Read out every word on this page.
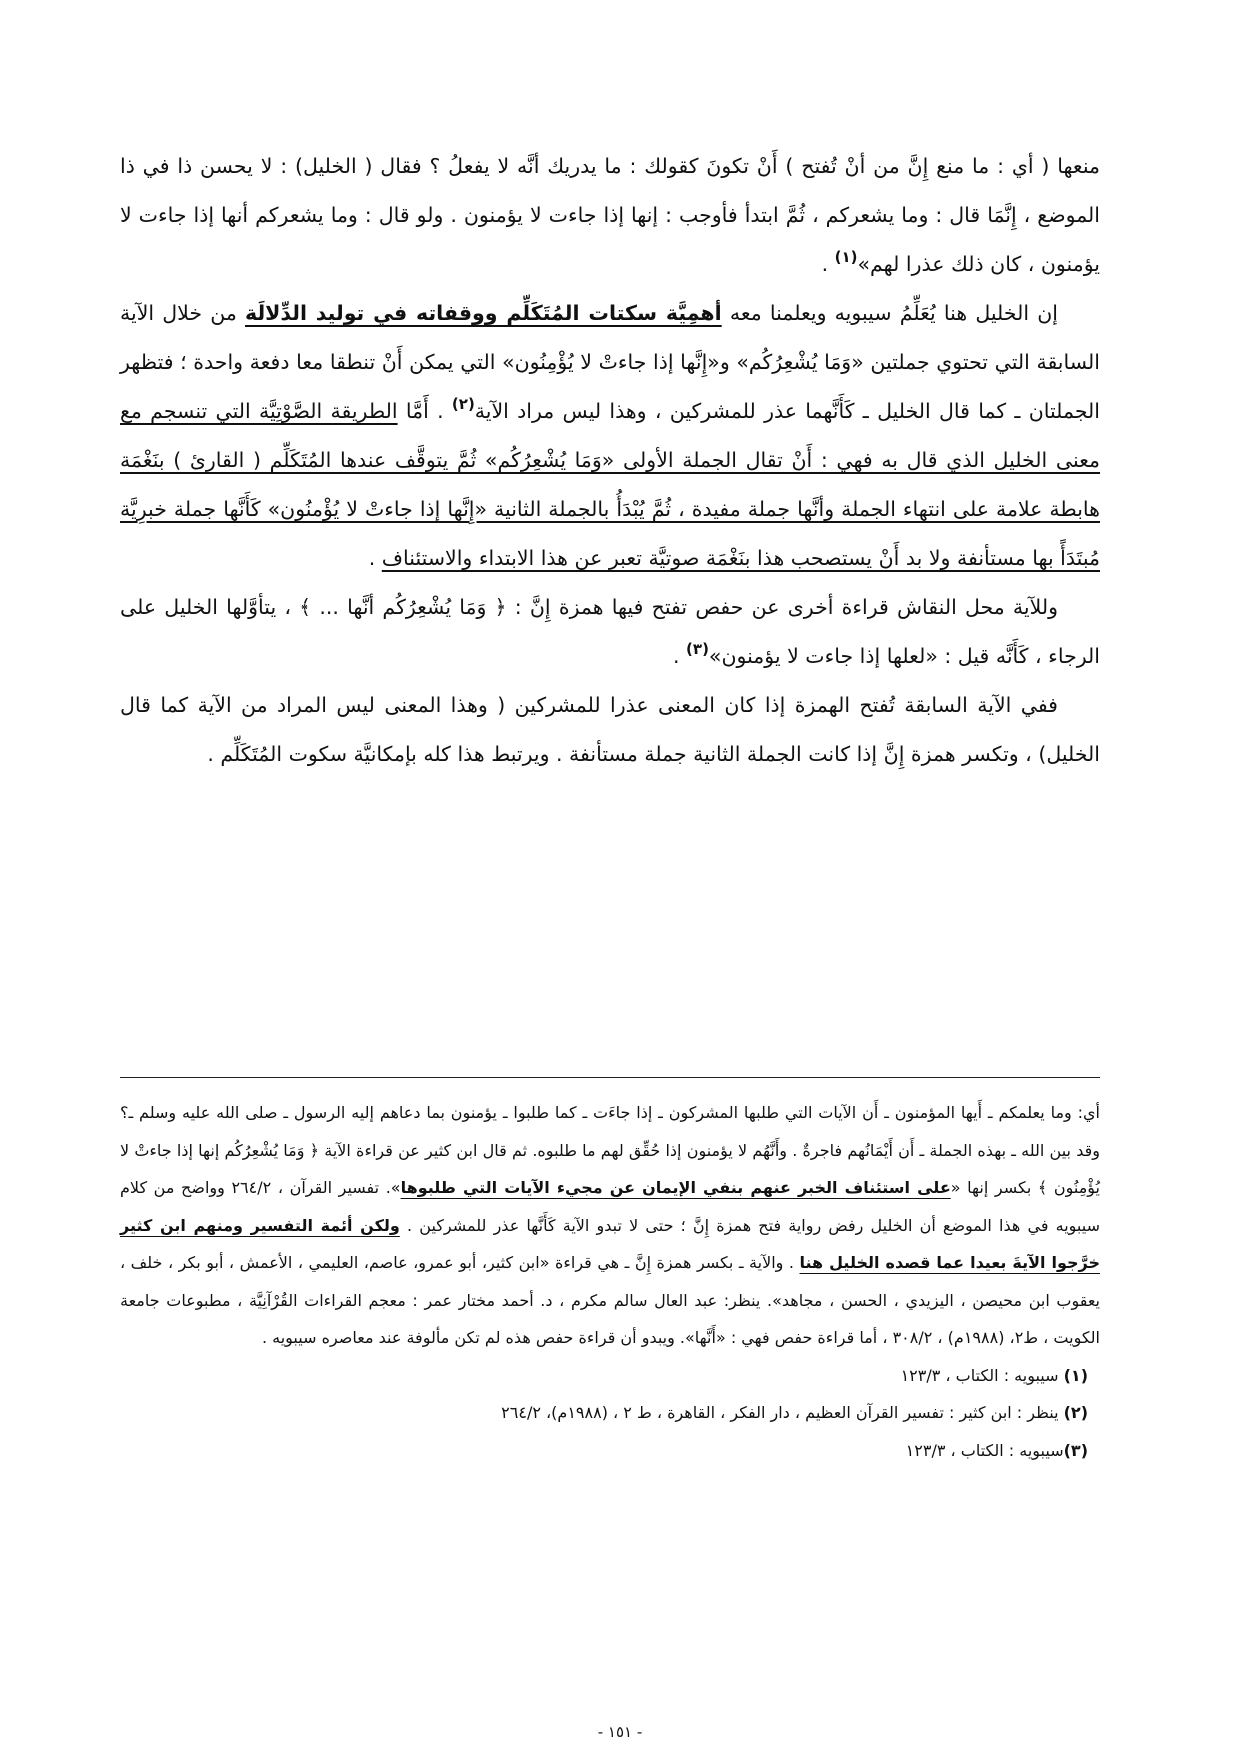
منعها ( أي : ما منع إِنَّ من أنْ تُفتح ) أَنْ تكونَ كقولك : ما يدريك أنَّه لا يفعلُ ؟ فقال ( الخليل) : لا يحسن ذا في ذا الموضع ، إِنَّمَا قال : وما يشعركم ، ثُمَّ ابتدأ فأوجب : إنها إذا جاءت لا يؤمنون . ولو قال : وما يشعركم أنها إذا جاءت لا يؤمنون ، كان ذلك عذرا لهم»$^{(١)}$ .

إن الخليل هنا يُعَلِّمُ سيبويه ويعلمنا معه أهمِيَّة سكتات المُتَكَلِّم ووقفاته في توليد الدِّلالَة من خلال الآية السابقة التي تحتوي جملتين «وَمَا يُشْعِرُكُم» و«إِنَّها إذا جاءتْ لا يُؤْمِنُون» التي يمكن أَنْ تنطقا معا دفعة واحدة ؛ فتظهر الجملتان ـ كما قال الخليل ـ كَأَنَّهما عذر للمشركين ، وهذا ليس مراد الآية$^{(٢)}$ . أَمَّا الطريقة الصَّوْتِيَّة التي تنسجم مع معنى الخليل الذي قال به فهي : أَنْ تقال الجملة الأولى «وَمَا يُشْعِرُكُم» ثُمَّ يتوقَّف عندها المُتَكَلِّم ( القارئ ) بنَغْمَة هابطة علامة على انتهاء الجملة وأنَّها جملة مفيدة ، ثُمَّ يُبْدَأُ بالجملة الثانية «إِنَّها إذا جاءتْ لا يُؤْمنُون» كَأَنَّها جملة خبرِيَّة مُبتَدَأً بها مستأنفة ولا بد أَنْ يستصحب هذا بنَغْمَة صوتيَّة تعبر عن هذا الابتداء والاستئناف .

وللآية محل النقاش قراءة أخرى عن حفص تفتح فيها همزة إِنَّ : ﴿ وَمَا يُشْعِرُكُم أنَّها ... ﴾ ، يتأوَّلها الخليل على الرجاء ، كَأَنَّه قيل : «لعلها إذا جاءت لا يؤمنون»$^{(٣)}$ .

ففي الآية السابقة تُفتح الهمزة إذا كان المعنى عذرا للمشركين ( وهذا المعنى ليس المراد من الآية كما قال الخليل) ، وتكسر همزة إِنَّ إذا كانت الجملة الثانية جملة مستأنفة . ويرتبط هذا كله بإمكانيَّة سكوت المُتَكَلِّم .

أي: وما يعلمكم ـ أَيها المؤمنون ـ أَن الآيات التي طلبها المشركون ـ إذا جاءَت ـ كما طلبوا ـ يؤمنون بما دعاهم إليه الرسول ـ صلى الله عليه وسلم ـ؟ وقد بين الله ـ بهذه الجملة ـ أَن أَيْمَانُهم فاجرةٌ . وأَنَّهُم لا يؤمنون إذا حُقِّق لهم ما طلبوه. ثم قال ابن كثير عن قراءة الآية ﴿ وَمَا يُشْعِرُكُم إنها إذا جاءتْ لا يُؤْمِنُون ﴾ بكسر إنها «على استئناف الخبر عنهم بنفي الإيمان عن مجيء الآيات التي طلبوها». تفسير القرآن ، ٢٦٤/٢ وواضح من كلام سيبويه في هذا الموضع أن الخليل رفض رواية فتح همزة إِنَّ ؛ حتى لا تبدو الآية كَأَنَّها عذر للمشركين . ولكن أئمة التفسير ومنهم ابن كثير خرَّجوا الآيةَ بعيدا عما قصده الخليل هنا . والآية ـ بكسر همزة إِنَّ ـ هي قراءة «ابن كثير، أبو عمرو، عاصم، العليمي ، الأعمش ، أبو بكر ، خلف ، يعقوب ابن محيصن ، اليزيدي ، الحسن ، مجاهد». ينظر: عبد العال سالم مكرم ، د. أحمد مختار عمر : معجم القراءات القُرْآنِيَّة ، مطبوعات جامعة الكويت ، ط٢، (١٩٨٨م) ، ٣٠٨/٢ ، أما قراءة حفص فهي : «أَنَّها». ويبدو أن قراءة حفص هذه لم تكن مألوفة عند معاصره سيبويه .

(١) سيبويه : الكتاب ، ١٢٣/٣

(٢) ينظر : ابن كثير : تفسير القرآن العظيم ، دار الفكر ، القاهرة ، ط ٢ ، (١٩٨٨م)، ٢٦٤/٢

(٣)سيبويه : الكتاب ، ١٢٣/٣

- ١٥١ -
